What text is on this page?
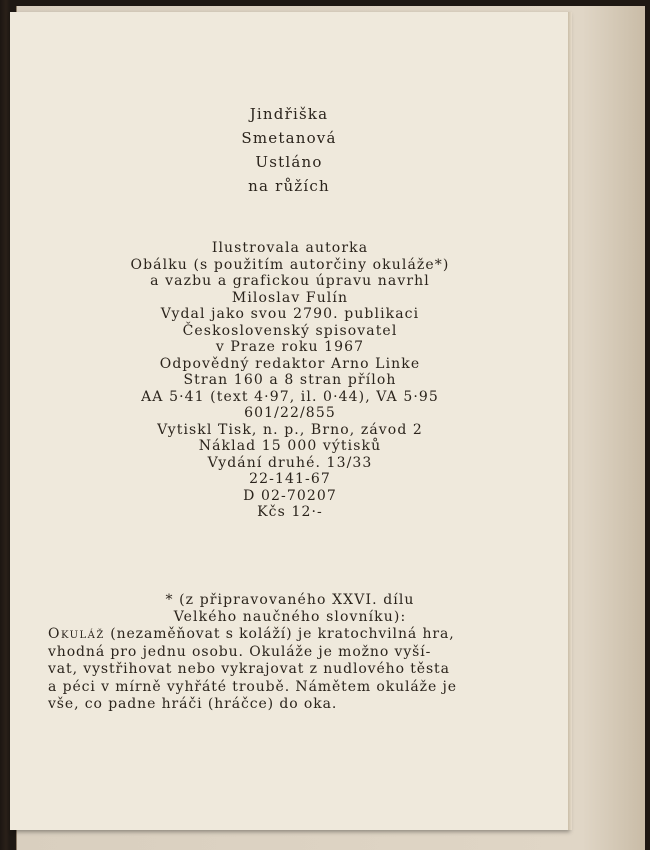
Jindřiška
Smetanová
Ustláno
na růžích
Ilustrovala autorka
Obálku (s použitím autorčiny okuláže*)
a vazbu a grafickou úpravu navrhl
Miloslav Fulín
Vydal jako svou 2790. publikaci
Československý spisovatel
v Praze roku 1967
Odpovědný redaktor Arno Linke
Stran 160 a 8 stran příloh
AA 5·41 (text 4·97, il. 0·44), VA 5·95
601/22/855
Vytiskl Tisk, n. p., Brno, závod 2
Náklad 15 000 výtisků
Vydání druhé. 13/33
22-141-67
D 02-70207
Kčs 12·-
* (z připravovaného XXVI. dílu
Velkého naučného slovníku):

Okuláž (nezaměňovat s koláží) je kratochvilná hra,

vhodná pro jednu osobu. Okuláže je možno vyší-

vat, vystřihovat nebo vykrajovat z nudlového těsta

a péci v mírně vyhřáté troubě. Námětem okuláže je

vše, co padne hráči (hráčce) do oka.
